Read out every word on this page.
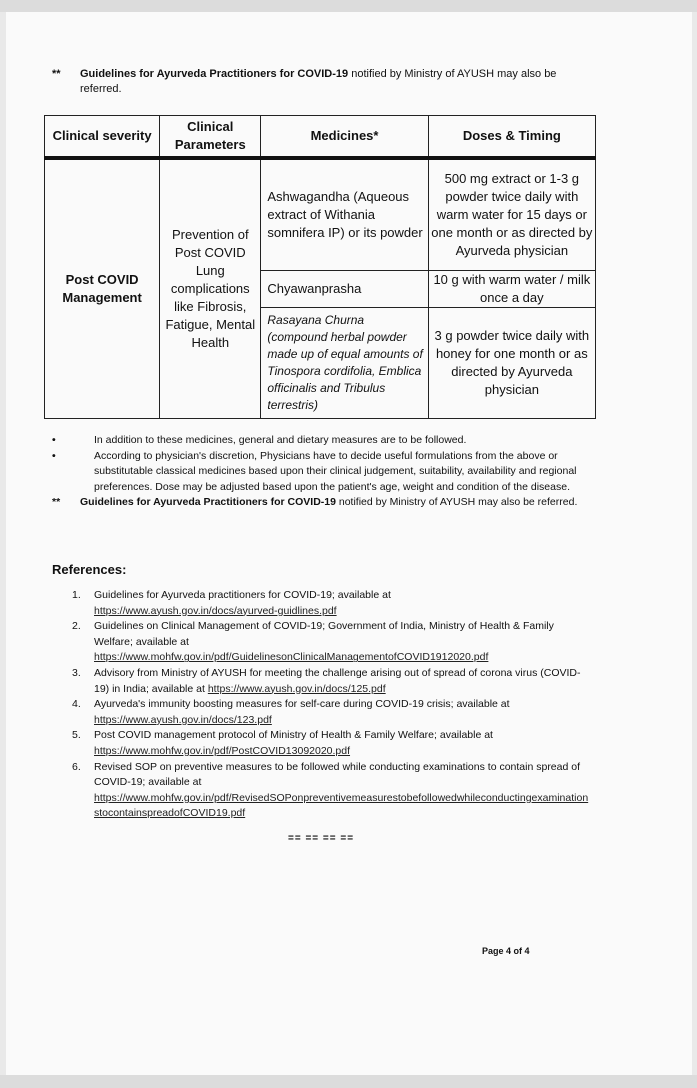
** Guidelines for Ayurveda Practitioners for COVID-19 notified by Ministry of AYUSH may also be referred.
Clinical severity	Clinical Parameters	Medicines*	Doses & Timing
Post COVID Management	Prevention of Post COVID Lung complications like Fibrosis, Fatigue, Mental Health	Ashwagandha (Aqueous extract of Withania somnifera IP) or its powder	500 mg extract or 1-3 g powder twice daily with warm water for 15 days or one month or as directed by Ayurveda physician
		Chyawanprasha	10 g with warm water / milk once a day
		Rasayana Churna (compound herbal powder made up of equal amounts of Tinospora cordifolia, Emblica officinalis and Tribulus terrestris)	3 g powder twice daily with honey for one month or as directed by Ayurveda physician
•	In addition to these medicines, general and dietary measures are to be followed.
•	According to physician's discretion, Physicians have to decide useful formulations from the above or substitutable classical medicines based upon their clinical judgement, suitability, availability and regional preferences. Dose may be adjusted based upon the patient's age, weight and condition of the disease.
** Guidelines for Ayurveda Practitioners for COVID-19 notified by Ministry of AYUSH may also be referred.
References:
1. Guidelines for Ayurveda practitioners for COVID-19; available at
https://www.ayush.gov.in/docs/ayurved-guidlines.pdf
2. Guidelines on Clinical Management of COVID-19; Government of India, Ministry of Health & Family Welfare; available at
https://www.mohfw.gov.in/pdf/GuidelinesonClinicalManagementofCOVID1912020.pdf
3. Advisory from Ministry of AYUSH for meeting the challenge arising out of spread of corona virus (COVID-19) in India; available at https://www.ayush.gov.in/docs/125.pdf
4. Ayurveda's immunity boosting measures for self-care during COVID-19 crisis; available at
https://www.ayush.gov.in/docs/123.pdf
5. Post COVID management protocol of Ministry of Health & Family Welfare; available at
https://www.mohfw.gov.in/pdf/PostCOVID13092020.pdf
6. Revised SOP on preventive measures to be followed while conducting examinations to contain spread of COVID-19; available at
https://www.mohfw.gov.in/pdf/RevisedSOPonpreventivemeasurestobefollowedwhileconductingexaminationstocontainspreadofCOVID19.pdf
== == == ==
Page 4 of 4
